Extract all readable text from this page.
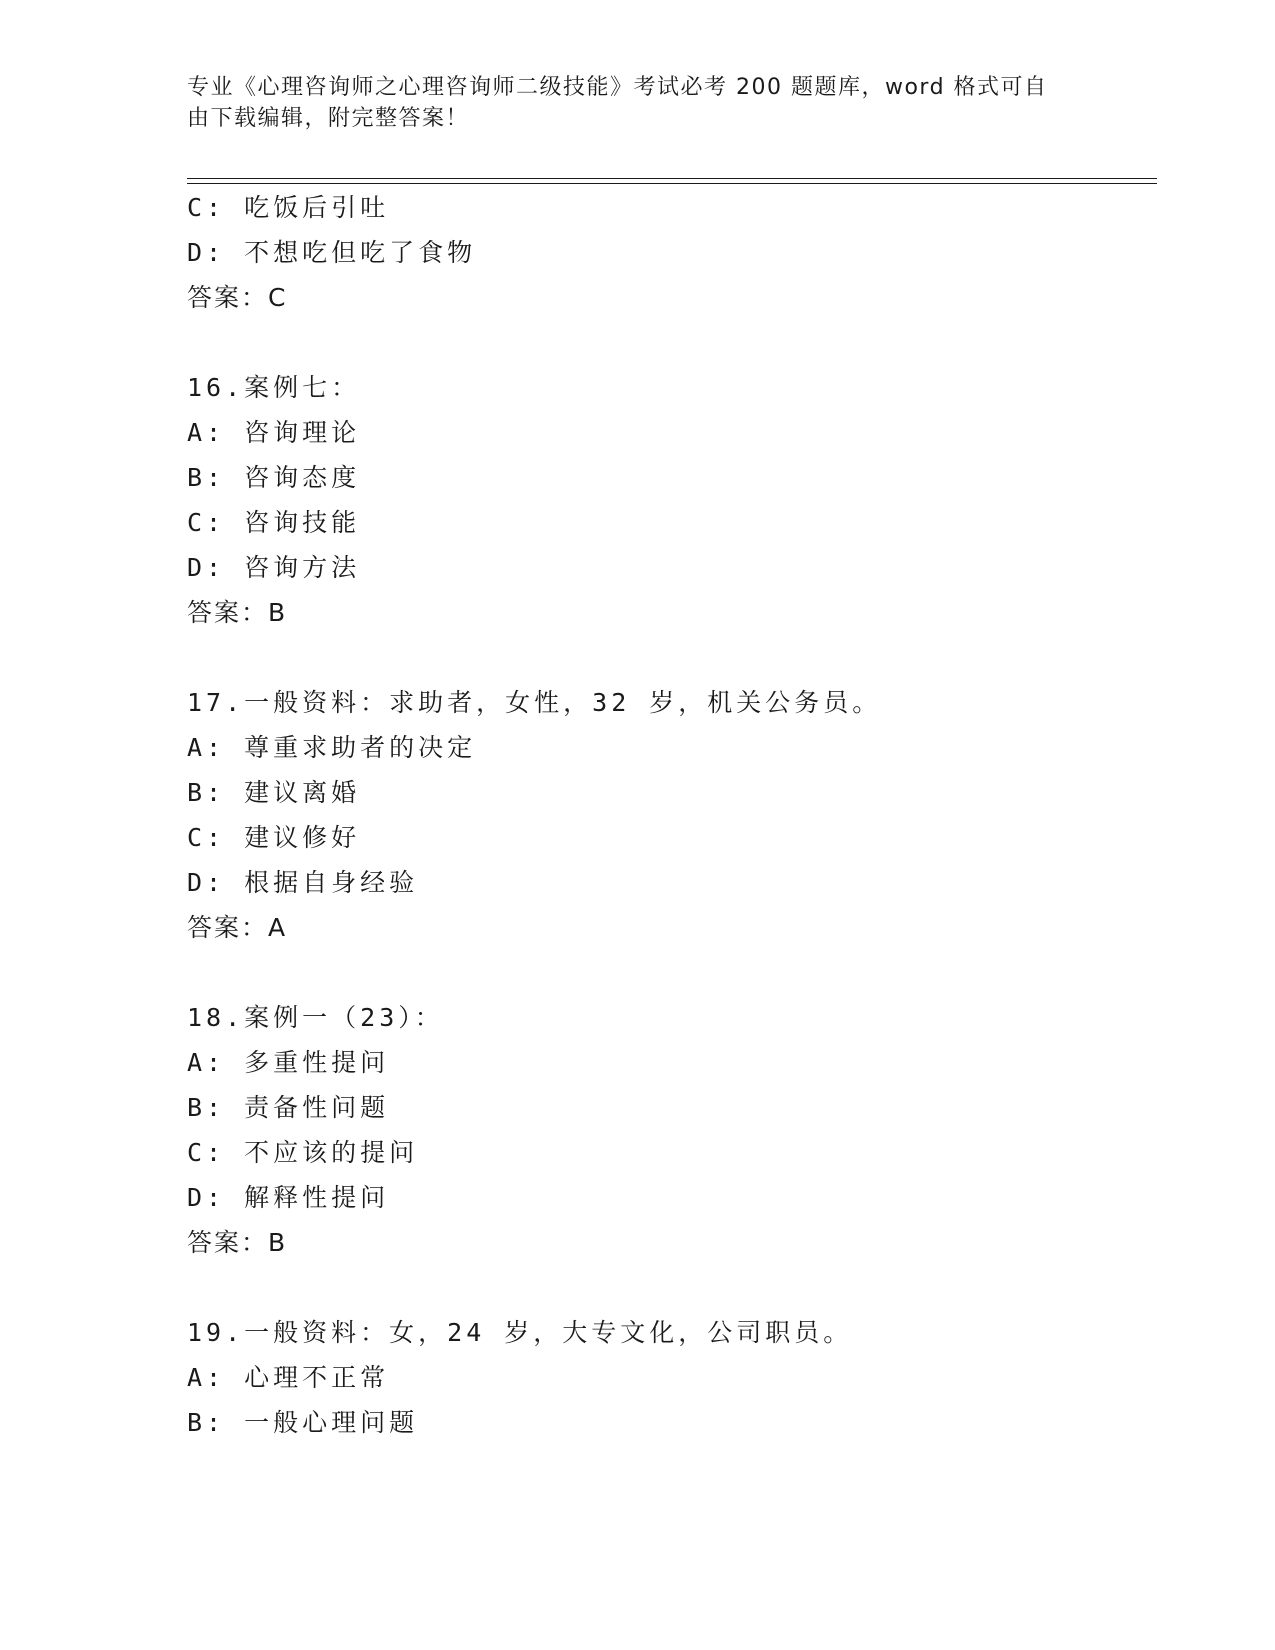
专业《心理咨询师之心理咨询师二级技能》考试必考 200 题题库，word 格式可自
由下载编辑，附完整答案！
C: 吃饭后引吐
D: 不想吃但吃了食物
答案：C
16.案例七：
A: 咨询理论
B: 咨询态度
C: 咨询技能
D: 咨询方法
答案：B
17.一般资料：求助者，女性，32 岁，机关公务员。
A: 尊重求助者的决定
B: 建议离婚
C: 建议修好
D: 根据自身经验
答案：A
18.案例一（23）：
A: 多重性提问
B: 责备性问题
C: 不应该的提问
D: 解释性提问
答案：B
19.一般资料：女，24 岁，大专文化，公司职员。
A: 心理不正常
B: 一般心理问题
